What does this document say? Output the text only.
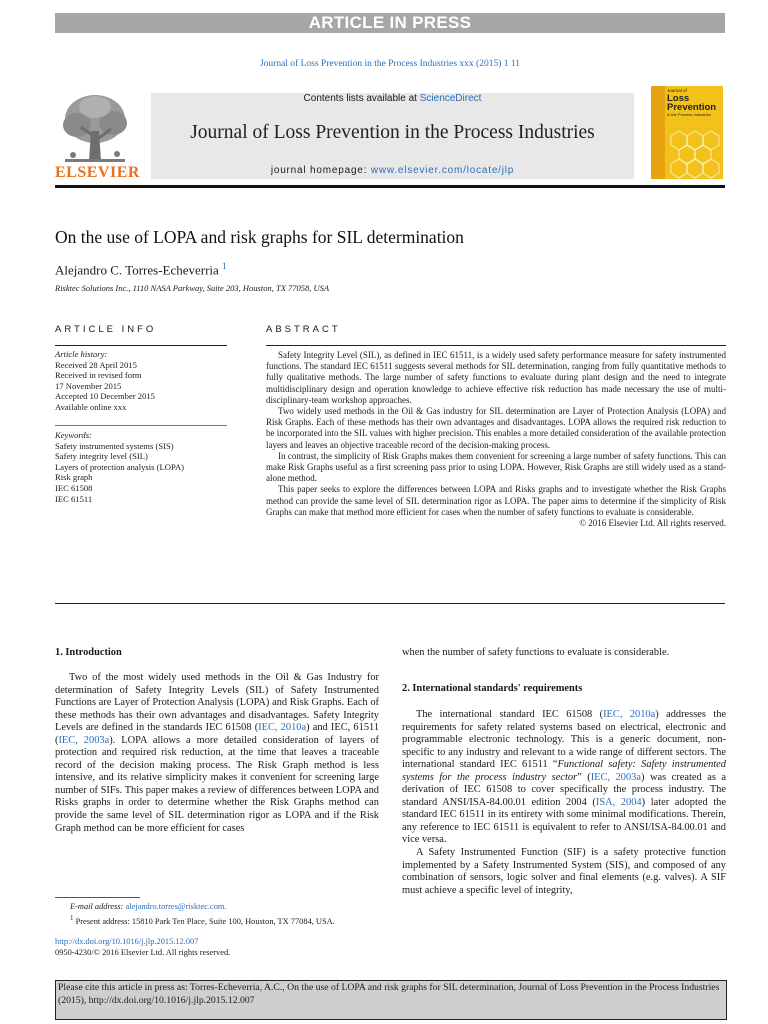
ARTICLE IN PRESS
Journal of Loss Prevention in the Process Industries xxx (2015) 1 11
Contents lists available at ScienceDirect
Journal of Loss Prevention in the Process Industries
journal homepage: www.elsevier.com/locate/jlp
ELSEVIER
Journal of
Loss
Prevention
in the Process Industries
On the use of LOPA and risk graphs for SIL determination
Alejandro C. Torres-Echeverria $^1$
Risktec Solutions Inc., 1110 NASA Parkway, Suite 203, Houston, TX 77058, USA
ARTICLE INFO
Article history:
Received 28 April 2015
Received in revised form
17 November 2015
Accepted 10 December 2015
Available online xxx
Keywords:
Safety instrumented systems (SIS)
Safety integrity level (SIL)
Layers of protection analysis (LOPA)
Risk graph
IEC 61508
IEC 61511
ABSTRACT

Safety Integrity Level (SIL), as defined in IEC 61511, is a widely used safety performance measure for safety instrumented functions. The standard IEC 61511 suggests several methods for SIL determination, ranging from fully quantitative methods to fully qualitative methods. The large number of safety functions to evaluate during plant design and the need to integrate multidisciplinary design and operation knowledge to achieve effective risk reduction has made necessary the use of multi-disciplinary-team workshop approaches.

Two widely used methods in the Oil & Gas industry for SIL determination are Layer of Protection Analysis (LOPA) and Risk Graphs. Each of these methods has their own advantages and disadvantages. LOPA allows the required risk reduction to be incorporated into the SIL values with higher precision. This enables a more detailed consideration of the available protection layers and leaves an objective traceable record of the decision-making process.

In contrast, the simplicity of Risk Graphs makes them convenient for screening a large number of safety functions. This can make Risk Graphs useful as a first screening pass prior to using LOPA. However, Risk Graphs are still widely used as a stand-alone method.

This paper seeks to explore the differences between LOPA and Risks graphs and to investigate whether the Risk Graphs method can provide the same level of SIL determination rigor as LOPA. The paper aims to determine if the simplicity of Risk Graphs can make that method more efficient for cases when the number of safety functions to evaluate is considerable.

© 2016 Elsevier Ltd. All rights reserved.

1. Introduction

Two of the most widely used methods in the Oil & Gas Industry for determination of Safety Integrity Levels (SIL) of Safety Instrumented Functions are Layer of Protection Analysis (LOPA) and Risk Graphs. Each of these methods has their own advantages and disadvantages. Safety Integrity Levels are defined in the standards IEC 61508 (IEC, 2010a) and IEC, 61511 (IEC, 2003a). LOPA allows a more detailed consideration of layers of protection and required risk reduction, at the time that leaves a traceable record of the decision making process. The Risk Graph method is less intensive, and its relative simplicity makes it convenient for screening large number of SIFs. This paper makes a review of differences between LOPA and Risks graphs in order to determine whether the Risk Graphs method can provide the same level of SIL determination rigor as LOPA and if the Risk Graph method can be more efficient for cases

E-mail address: alejandro.torres@risktec.com.
$^1$ Present address: 15810 Park Ten Place, Suite 100, Houston, TX 77084, USA.
http://dx.doi.org/10.1016/j.jlp.2015.12.007
0950-4230/© 2016 Elsevier Ltd. All rights reserved.
when the number of safety functions to evaluate is considerable.
2. International standards' requirements

The international standard IEC 61508 (IEC, 2010a) addresses the requirements for safety related systems based on electrical, electronic and programmable electronic technology. This is a generic document, non-specific to any industry and relevant to a wide range of different sectors. The international standard IEC 61511 “Functional safety: Safety instrumented systems for the process industry sector” (IEC, 2003a) was created as a derivation of IEC 61508 to cover specifically the process industry. The standard ANSI/ISA-84.00.01 edition 2004 (ISA, 2004) later adopted the standard IEC 61511 in its entirety with some minimal modifications. Therein, any reference to IEC 61511 is equivalent to refer to ANSI/ISA-84.00.01 and vice versa.

A Safety Instrumented Function (SIF) is a safety protective function implemented by a Safety Instrumented System (SIS), and composed of any combination of sensors, logic solver and final elements (e.g. valves). A SIF must achieve a specific level of integrity,

Please cite this article in press as: Torres-Echeverria, A.C., On the use of LOPA and risk graphs for SIL determination, Journal of Loss Prevention in the Process Industries (2015), http://dx.doi.org/10.1016/j.jlp.2015.12.007
